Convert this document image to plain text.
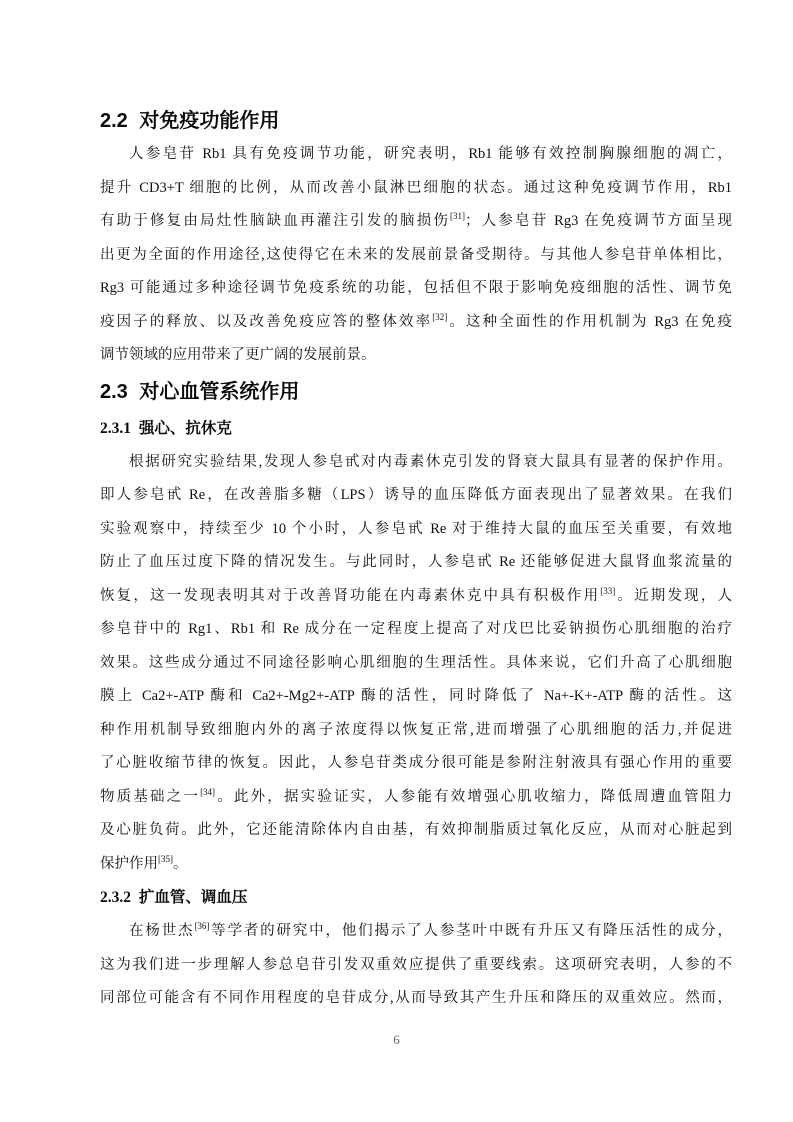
2.2 对免疫功能作用
人参皂苷 Rb1 具有免疫调节功能，研究表明，Rb1 能够有效控制胸腺细胞的凋亡，
提升 CD3+T 细胞的比例，从而改善小鼠淋巴细胞的状态。通过这种免疫调节作用，Rb1
有助于修复由局灶性脑缺血再灌注引发的脑损伤[31]；人参皂苷 Rg3 在免疫调节方面呈现
出更为全面的作用途径,这使得它在未来的发展前景备受期待。与其他人参皂苷单体相比，
Rg3 可能通过多种途径调节免疫系统的功能，包括但不限于影响免疫细胞的活性、调节免
疫因子的释放、以及改善免疫应答的整体效率[32]。这种全面性的作用机制为 Rg3 在免疫
调节领域的应用带来了更广阔的发展前景。
2.3 对心血管系统作用
2.3.1 强心、抗休克
根据研究实验结果,发现人参皂甙对内毒素休克引发的肾衰大鼠具有显著的保护作用。
即人参皂甙 Re，在改善脂多糖（LPS）诱导的血压降低方面表现出了显著效果。在我们
实验观察中，持续至少 10 个小时，人参皂甙 Re 对于维持大鼠的血压至关重要，有效地
防止了血压过度下降的情况发生。与此同时，人参皂甙 Re 还能够促进大鼠肾血浆流量的
恢复，这一发现表明其对于改善肾功能在内毒素休克中具有积极作用[33]。近期发现，人
参皂苷中的 Rg1、Rb1 和 Re 成分在一定程度上提高了对戊巴比妥钠损伤心肌细胞的治疗
效果。这些成分通过不同途径影响心肌细胞的生理活性。具体来说，它们升高了心肌细胞
膜上 Ca2+-ATP 酶和 Ca2+-Mg2+-ATP 酶的活性，同时降低了 Na+-K+-ATP 酶的活性。这
种作用机制导致细胞内外的离子浓度得以恢复正常,进而增强了心肌细胞的活力,并促进
了心脏收缩节律的恢复。因此，人参皂苷类成分很可能是参附注射液具有强心作用的重要
物质基础之一[34]。此外，据实验证实，人参能有效增强心肌收缩力，降低周遭血管阻力
及心脏负荷。此外，它还能清除体内自由基，有效抑制脂质过氧化反应，从而对心脏起到
保护作用[35]。
2.3.2 扩血管、调血压
在杨世杰[36]等学者的研究中，他们揭示了人参茎叶中既有升压又有降压活性的成分，
这为我们进一步理解人参总皂苷引发双重效应提供了重要线索。这项研究表明，人参的不
同部位可能含有不同作用程度的皂苷成分,从而导致其产生升压和降压的双重效应。然而，
6
